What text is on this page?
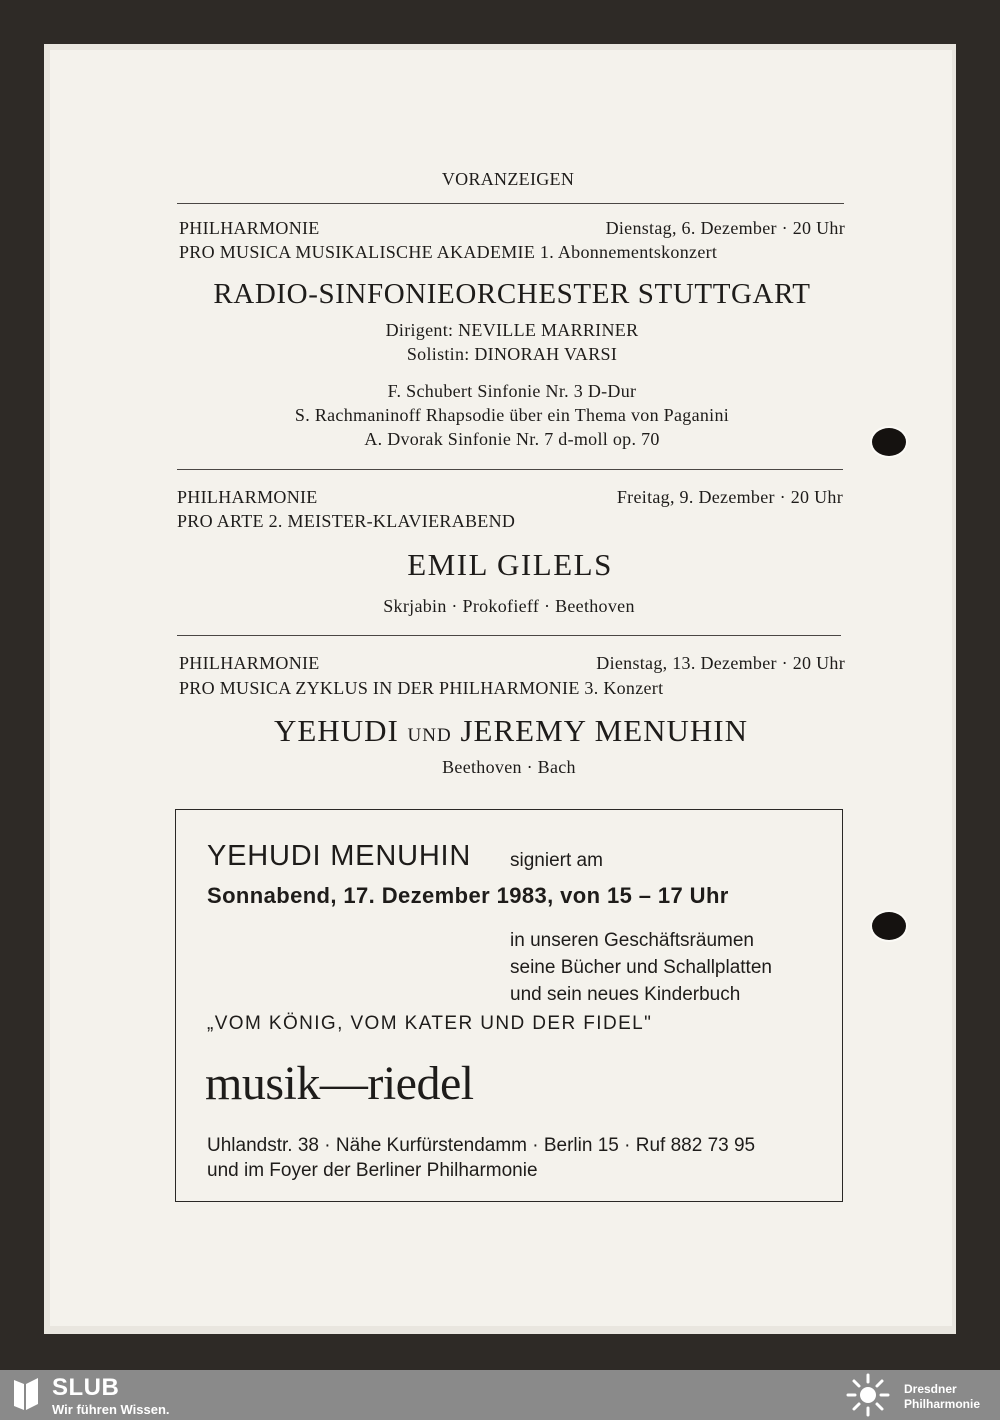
VORANZEIGEN
PHILHARMONIE	Dienstag, 6. Dezember · 20 Uhr
PRO MUSICA MUSIKALISCHE AKADEMIE 1. Abonnementskonzert
RADIO-SINFONIEORCHESTER STUTTGART
Dirigent: NEVILLE MARRINER
Solistin: DINORAH VARSI
F. Schubert Sinfonie Nr. 3 D-Dur
S. Rachmaninoff Rhapsodie über ein Thema von Paganini
A. Dvorak Sinfonie Nr. 7 d-moll op. 70
PHILHARMONIE	Freitag, 9. Dezember · 20 Uhr
PRO ARTE 2. MEISTER-KLAVIERABEND
EMIL GILELS
Skrjabin · Prokofieff · Beethoven
PHILHARMONIE	Dienstag, 13. Dezember · 20 Uhr
PRO MUSICA ZYKLUS IN DER PHILHARMONIE 3. Konzert
YEHUDI UND JEREMY MENUHIN
Beethoven · Bach
YEHUDI MENUHIN signiert am
Sonnabend, 17. Dezember 1983, von 15 – 17 Uhr
in unseren Geschäftsräumen
seine Bücher und Schallplatten
und sein neues Kinderbuch
„VOM KÖNIG, VOM KATER UND DER FIDEL"
musik—riedel
Uhlandstr. 38 · Nähe Kurfürstendamm · Berlin 15 · Ruf 882 73 95
und im Foyer der Berliner Philharmonie
SLUB
Wir führen Wissen.
Dresdner
Philharmonie
